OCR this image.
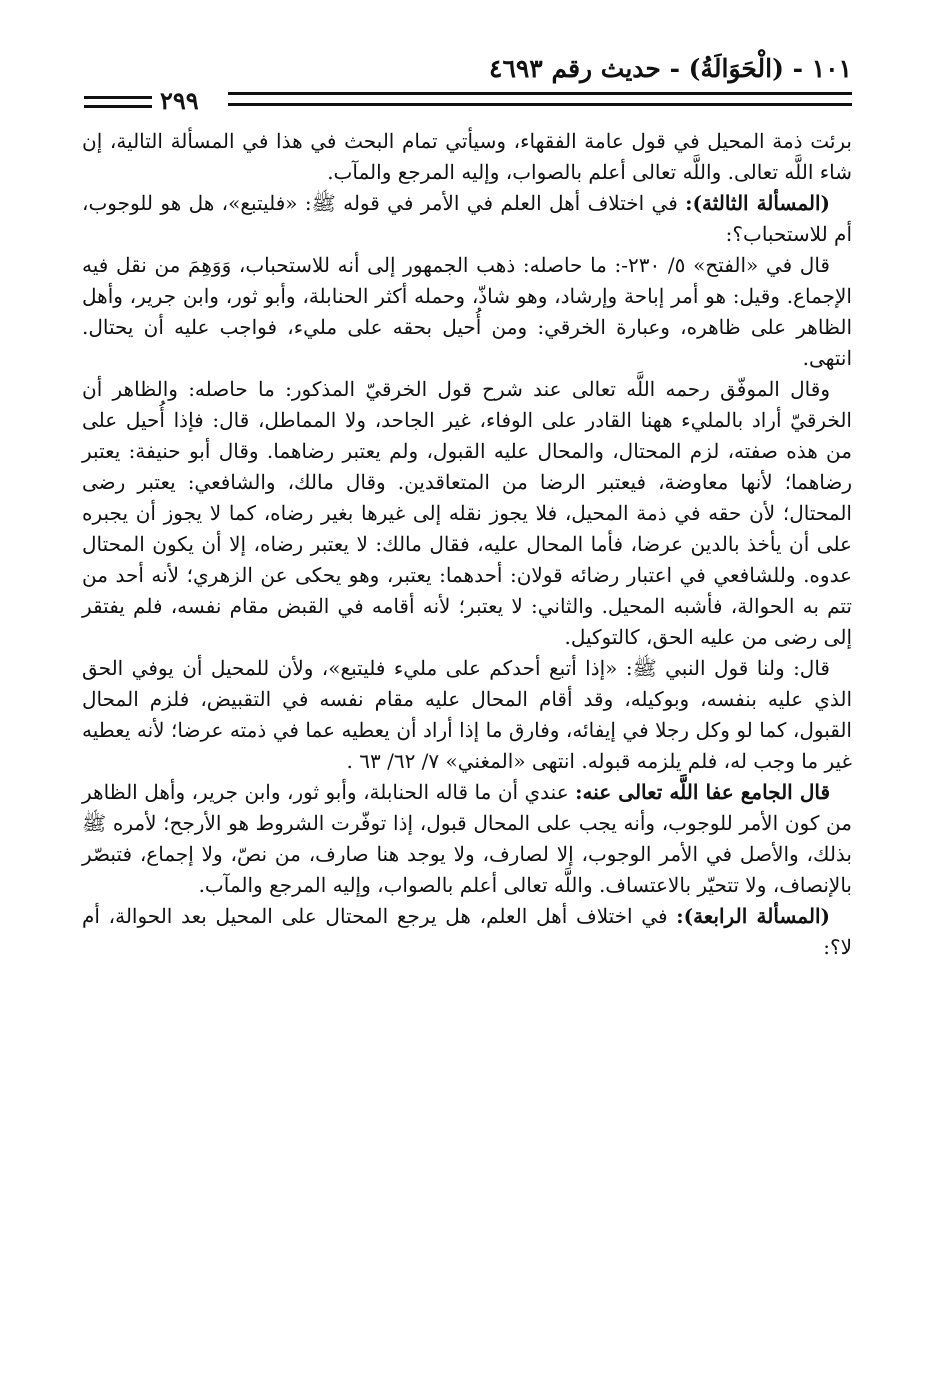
١٠١ - (الْحَوَالَةُ) - حديث رقم ٤٦٩٣
٢٩٩

برئت ذمة المحيل في قول عامة الفقهاء، وسيأتي تمام البحث في هذا في المسألة التالية، إن شاء اللَّه تعالى. واللَّه تعالى أعلم بالصواب، وإليه المرجع والمآب.

(المسألة الثالثة): في اختلاف أهل العلم في الأمر في قوله ﷺ: «فليتبع»، هل هو للوجوب، أم للاستحباب؟:

قال في «الفتح» ٥/ ٢٣٠-: ما حاصله: ذهب الجمهور إلى أنه للاستحباب، وَوَهِمَ من نقل فيه الإجماع. وقيل: هو أمر إباحة وإرشاد، وهو شاذّ، وحمله أكثر الحنابلة، وأبو ثور، وابن جرير، وأهل الظاهر على ظاهره، وعبارة الخرقي: ومن أُحيل بحقه على مليء، فواجب عليه أن يحتال. انتهى.

وقال الموفّق رحمه اللَّه تعالى عند شرح قول الخرقيّ المذكور: ما حاصله: والظاهر أن الخرقيّ أراد بالمليء ههنا القادر على الوفاء، غير الجاحد، ولا المماطل، قال: فإذا أُحيل على من هذه صفته، لزم المحتال، والمحال عليه القبول، ولم يعتبر رضاهما. وقال أبو حنيفة: يعتبر رضاهما؛ لأنها معاوضة، فيعتبر الرضا من المتعاقدين. وقال مالك، والشافعي: يعتبر رضى المحتال؛ لأن حقه في ذمة المحيل، فلا يجوز نقله إلى غيرها بغير رضاه، كما لا يجوز أن يجبره على أن يأخذ بالدين عرضا، فأما المحال عليه، فقال مالك: لا يعتبر رضاه، إلا أن يكون المحتال عدوه. وللشافعي في اعتبار رضائه قولان: أحدهما: يعتبر، وهو يحكى عن الزهري؛ لأنه أحد من تتم به الحوالة، فأشبه المحيل. والثاني: لا يعتبر؛ لأنه أقامه في القبض مقام نفسه، فلم يفتقر إلى رضى من عليه الحق، كالتوكيل.

قال: ولنا قول النبي ﷺ: «إذا أتبع أحدكم على مليء فليتبع»، ولأن للمحيل أن يوفي الحق الذي عليه بنفسه، وبوكيله، وقد أقام المحال عليه مقام نفسه في التقبيض، فلزم المحال القبول، كما لو وكل رجلا في إيفائه، وفارق ما إذا أراد أن يعطيه عما في ذمته عرضا؛ لأنه يعطيه غير ما وجب له، فلم يلزمه قبوله. انتهى «المغني» ٧/ ٦٢/ ٦٣ .

قال الجامع عفا اللَّه تعالى عنه: عندي أن ما قاله الحنابلة، وأبو ثور، وابن جرير، وأهل الظاهر من كون الأمر للوجوب، وأنه يجب على المحال قبول، إذا توفّرت الشروط هو الأرجح؛ لأمره ﷺ بذلك، والأصل في الأمر الوجوب، إلا لصارف، ولا يوجد هنا صارف، من نصّ، ولا إجماع، فتبصّر بالإنصاف، ولا تتحيّر بالاعتساف. واللَّه تعالى أعلم بالصواب، وإليه المرجع والمآب.

(المسألة الرابعة): في اختلاف أهل العلم، هل يرجع المحتال على المحيل بعد الحوالة، أم لا؟:
